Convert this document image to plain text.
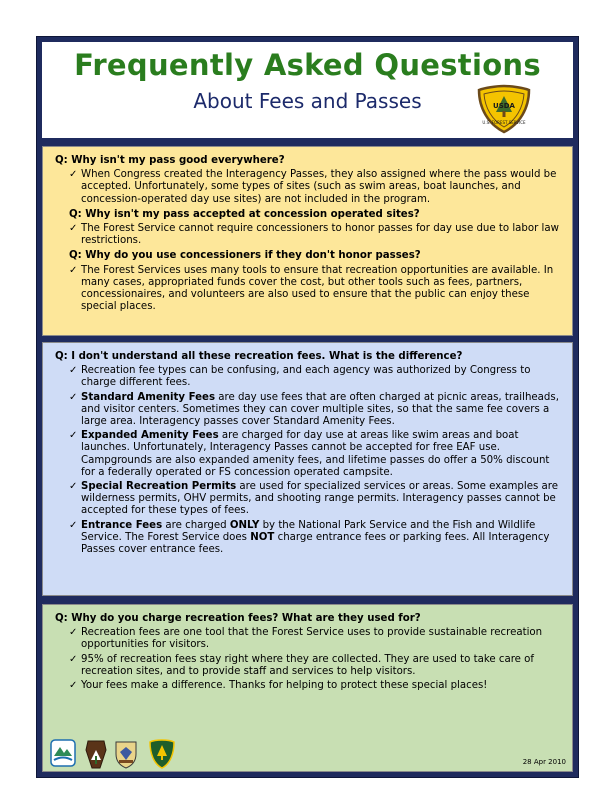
Frequently Asked Questions
About Fees and Passes	USDA
U.S. FOREST SERVICE
Q: Why isn't my pass good everywhere?
✓ When Congress created the Interagency Passes, they also assigned where the pass would be accepted. Unfortunately, some types of sites (such as swim areas, boat launches, and concession-operated day use sites) are not included in the program.
Q: Why isn't my pass accepted at concession operated sites?
✓ The Forest Service cannot require concessioners to honor passes for day use due to labor law restrictions.
Q: Why do you use concessioners if they don't honor passes?
✓ The Forest Services uses many tools to ensure that recreation opportunities are available. In many cases, appropriated funds cover the cost, but other tools such as fees, partners, concessionaires, and volunteers are also used to ensure that the public can enjoy these special places.
Q: I don't understand all these recreation fees. What is the difference?
✓ Recreation fee types can be confusing, and each agency was authorized by Congress to charge different fees.
✓ Standard Amenity Fees are day use fees that are often charged at picnic areas, trailheads, and visitor centers. Sometimes they can cover multiple sites, so that the same fee covers a large area. Interagency passes cover Standard Amenity Fees.
✓ Expanded Amenity Fees are charged for day use at areas like swim areas and boat launches. Unfortunately, Interagency Passes cannot be accepted for free EAF use. Campgrounds are also expanded amenity fees, and lifetime passes do offer a 50% discount for a federally operated or FS concession operated campsite.
✓ Special Recreation Permits are used for specialized services or areas. Some examples are wilderness permits, OHV permits, and shooting range permits. Interagency passes cannot be accepted for these types of fees.
✓ Entrance Fees are charged ONLY by the National Park Service and the Fish and Wildlife Service. The Forest Service does NOT charge entrance fees or parking fees. All Interagency Passes cover entrance fees.
Q: Why do you charge recreation fees? What are they used for?
✓ Recreation fees are one tool that the Forest Service uses to provide sustainable recreation opportunities for visitors.
✓ 95% of recreation fees stay right where they are collected. They are used to take care of recreation sites, and to provide staff and services to help visitors.
✓ Your fees make a difference. Thanks for helping to protect these special places!
28 Apr 2010
